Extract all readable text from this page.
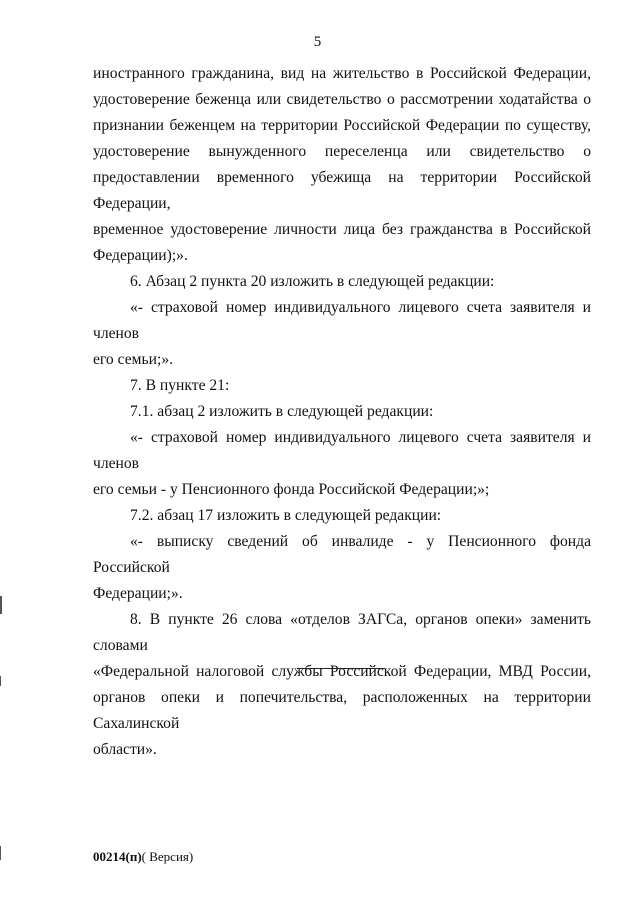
5

иностранного гражданина, вид на жительство в Российской Федерации,

удостоверение беженца или свидетельство о рассмотрении ходатайства о

признании беженцем на территории Российской Федерации по существу,

удостоверение вынужденного переселенца или свидетельство о

предоставлении временного убежища на территории Российской Федерации,

временное удостоверение личности лица без гражданства в Российской

Федерации);».

6. Абзац 2 пункта 20 изложить в следующей редакции:

«- страховой номер индивидуального лицевого счета заявителя и членов

его семьи;».

7. В пункте 21:

7.1. абзац 2 изложить в следующей редакции:

«- страховой номер индивидуального лицевого счета заявителя и членов

его семьи - у Пенсионного фонда Российской Федерации;»;

7.2. абзац 17 изложить в следующей редакции:

«- выписку сведений об инвалиде - у Пенсионного фонда Российской

Федерации;».

8. В пункте 26 слова «отделов ЗАГСа, органов опеки» заменить словами

«Федеральной налоговой службы Российской Федерации, МВД России,

органов опеки и попечительства, расположенных на территории Сахалинской

области».

00214(п)( Версия)
